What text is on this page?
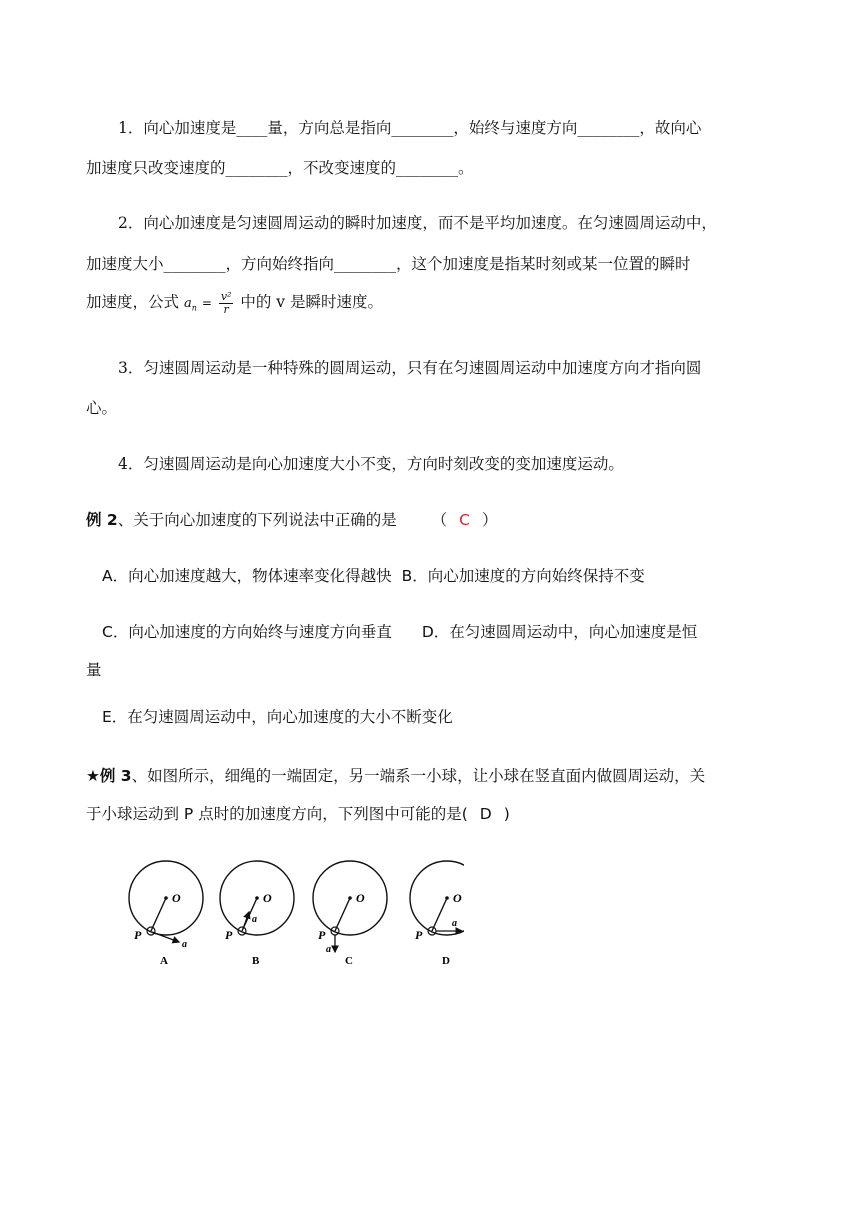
1．向心加速度是____量，方向总是指向________，始终与速度方向________，故向心
加速度只改变速度的________，不改变速度的________。
2．向心加速度是匀速圆周运动的瞬时加速度，而不是平均加速度。在匀速圆周运动中，
加速度大小________，方向始终指向________，这个加速度是指某时刻或某一位置的瞬时
加速度，公式 $a_n = \frac{\text{v²}}{r}$ 中的 v 是瞬时速度。
3．匀速圆周运动是一种特殊的圆周运动，只有在匀速圆周运动中加速度方向才指向圆
心。
4．匀速圆周运动是向心加速度大小不变，方向时刻改变的变加速度运动。
例 2、关于向心加速度的下列说法中正确的是 （ C ）
A．向心加速度越大，物体速率变化得越快 B．向心加速度的方向始终保持不变
C．向心加速度的方向始终与速度方向垂直 D．在匀速圆周运动中，向心加速度是恒
量
E．在匀速圆周运动中，向心加速度的大小不断变化
★例 3、如图所示，细绳的一端固定，另一端系一小球，让小球在竖直面内做圆周运动，关
于小球运动到 P 点时的加速度方向，下列图中可能的是( D )
O
P
a
A
O
P
a
B
O
P
a
C
O
P
a
D
